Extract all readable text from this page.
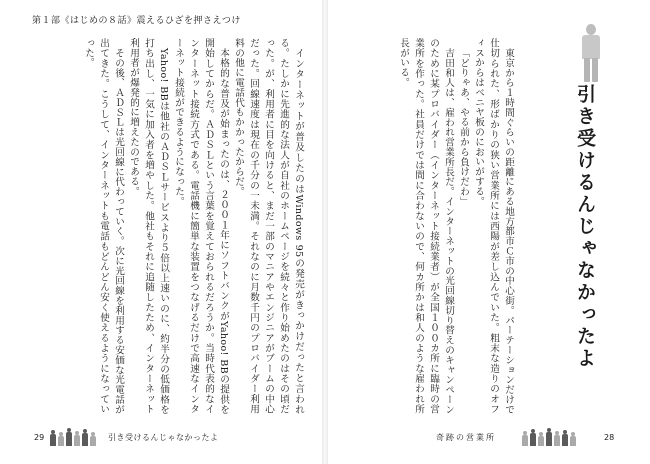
第１部《はじめの８話》震えるひざを押さえつけ

インターネットが普及したのはWindows 95の発売がきっかけだったと言われる。たしかに先進的な法人が自社のホームページを続々と作り始めたのはその頃だった。が、利用者に目を向けると、まだ一部のマニアやエンジニアがブームの中心だった。回線速度は現在の千分の一未満。それなのに月数千円のプロバイダー利用料の他に電話代もかかったからだ。

本格的な普及が始まったのは、２００１年にソフトバンクがYahoo! BBの提供を開始してからだ。ＡＤＳＬという言葉を覚えておられるだろうか。当時代表的なインターネット接続方式である。電話機に簡単な装置をつなげるだけで高速なインターネット接続ができるようになった。

Yahoo! BBは他社のＡＤＳＬサービスより５倍以上速いのに、約半分の低価格を打ち出し、一気に加入者を増やした。他社もそれに追随したため、インターネット利用者が爆発的に増えたのである。

その後、ＡＤＳＬは光回線に代わっていく。次に光回線を利用する安価な光電話が出てきた。こうして、インターネットも電話もどんどん安く使えるようになっていった。

29	引き受けるんじゃなかったよ

東京から１時間ぐらいの距離にある地方都市Ｃ市の中心街。パーテーションだけで仕切られた、形ばかりの狭い営業所には西陽が差し込んでいた。粗末な造りのオフィスからはベニヤ板のにおいがする。

「どりゃあ、やる前から負けだわ」

吉田和人は、雇われ営業所長だ。インターネットの光回線切り替えのキャンペーンのために某プロバイダー（インターネット接続業者）が全国１００カ所に臨時の営業所を作った。社員だけでは間に合わないので、何カ所かは和人のような雇われ所長がいる。

引き受けるんじゃなかったよ
奇跡の営業所	28
